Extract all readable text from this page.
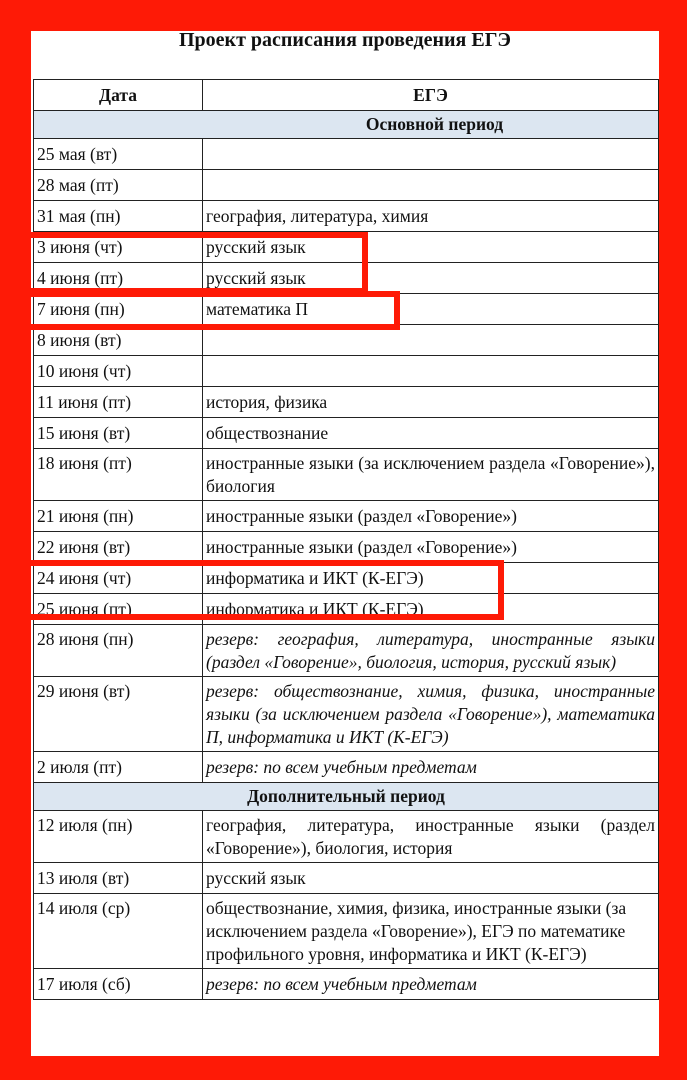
Проект расписания проведения ЕГЭ
Дата	ЕГЭ
Основной период	
25 мая (вт)	
28 мая (пт)	
31 мая (пн)	география, литература, химия
3 июня (чт)	русский язык
4 июня (пт)	русский язык
7 июня (пн)	математика П
8 июня (вт)	
10 июня (чт)	
11 июня (пт)	история, физика
15 июня (вт)	обществознание
18 июня (пт)	иностранные языки (за исключением раздела «Говорение»), биология
21 июня (пн)	иностранные языки (раздел «Говорение»)
22 июня (вт)	иностранные языки (раздел «Говорение»)
24 июня (чт)	информатика и ИКТ (К-ЕГЭ)
25 июня (пт)	информатика и ИКТ (К-ЕГЭ)
28 июня (пн)	резерв: география, литература, иностранные языки (раздел «Говорение», биология, история, русский язык)
29 июня (вт)	резерв: обществознание, химия, физика, иностранные языки (за исключением раздела «Говорение»), математика П, информатика и ИКТ (К-ЕГЭ)
2 июля (пт)	резерв: по всем учебным предметам
Дополнительный период	
12 июля (пн)	география, литература, иностранные языки (раздел «Говорение»), биология, история
13 июля (вт)	русский язык
14 июля (ср)	обществознание, химия, физика, иностранные языки (за исключением раздела «Говорение»), ЕГЭ по математике профильного уровня, информатика и ИКТ (К-ЕГЭ)
17 июля (сб)	резерв: по всем учебным предметам
